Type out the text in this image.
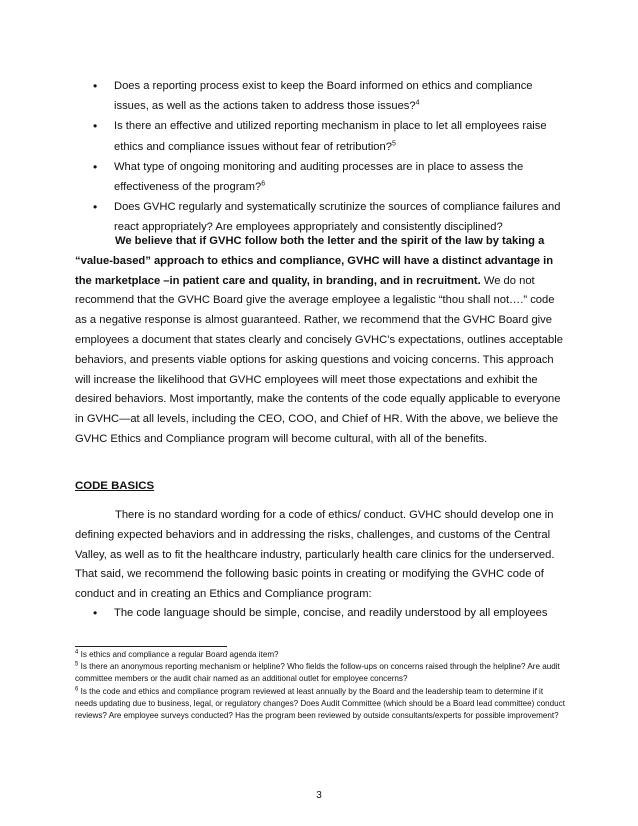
• Does a reporting process exist to keep the Board informed on ethics and compliance issues, as well as the actions taken to address those issues?$^4$
• Is there an effective and utilized reporting mechanism in place to let all employees raise ethics and compliance issues without fear of retribution?$^5$
• What type of ongoing monitoring and auditing processes are in place to assess the effectiveness of the program?$^6$
• Does GVHC regularly and systematically scrutinize the sources of compliance failures and react appropriately? Are employees appropriately and consistently disciplined?

We believe that if GVHC follow both the letter and the spirit of the law by taking a “value-based” approach to ethics and compliance, GVHC will have a distinct advantage in the marketplace –in patient care and quality, in branding, and in recruitment. We do not recommend that the GVHC Board give the average employee a legalistic “thou shall not….” code as a negative response is almost guaranteed. Rather, we recommend that the GVHC Board give employees a document that states clearly and concisely GVHC’s expectations, outlines acceptable behaviors, and presents viable options for asking questions and voicing concerns. This approach will increase the likelihood that GVHC employees will meet those expectations and exhibit the desired behaviors. Most importantly, make the contents of the code equally applicable to everyone in GVHC—at all levels, including the CEO, COO, and Chief of HR. With the above, we believe the GVHC Ethics and Compliance program will become cultural, with all of the benefits.

CODE BASICS

There is no standard wording for a code of ethics/ conduct. GVHC should develop one in defining expected behaviors and in addressing the risks, challenges, and customs of the Central Valley, as well as to fit the healthcare industry, particularly health care clinics for the underserved. That said, we recommend the following basic points in creating or modifying the GVHC code of conduct and in creating an Ethics and Compliance program:

• The code language should be simple, concise, and readily understood by all employees

$^4$ Is ethics and compliance a regular Board agenda item?

$^5$ Is there an anonymous reporting mechanism or helpline? Who fields the follow-ups on concerns raised through the helpline? Are audit committee members or the audit chair named as an additional outlet for employee concerns?

$^6$ Is the code and ethics and compliance program reviewed at least annually by the Board and the leadership team to determine if it needs updating due to business, legal, or regulatory changes? Does Audit Committee (which should be a Board lead committee) conduct reviews? Are employee surveys conducted? Has the program been reviewed by outside consultants/experts for possible improvement?

3
